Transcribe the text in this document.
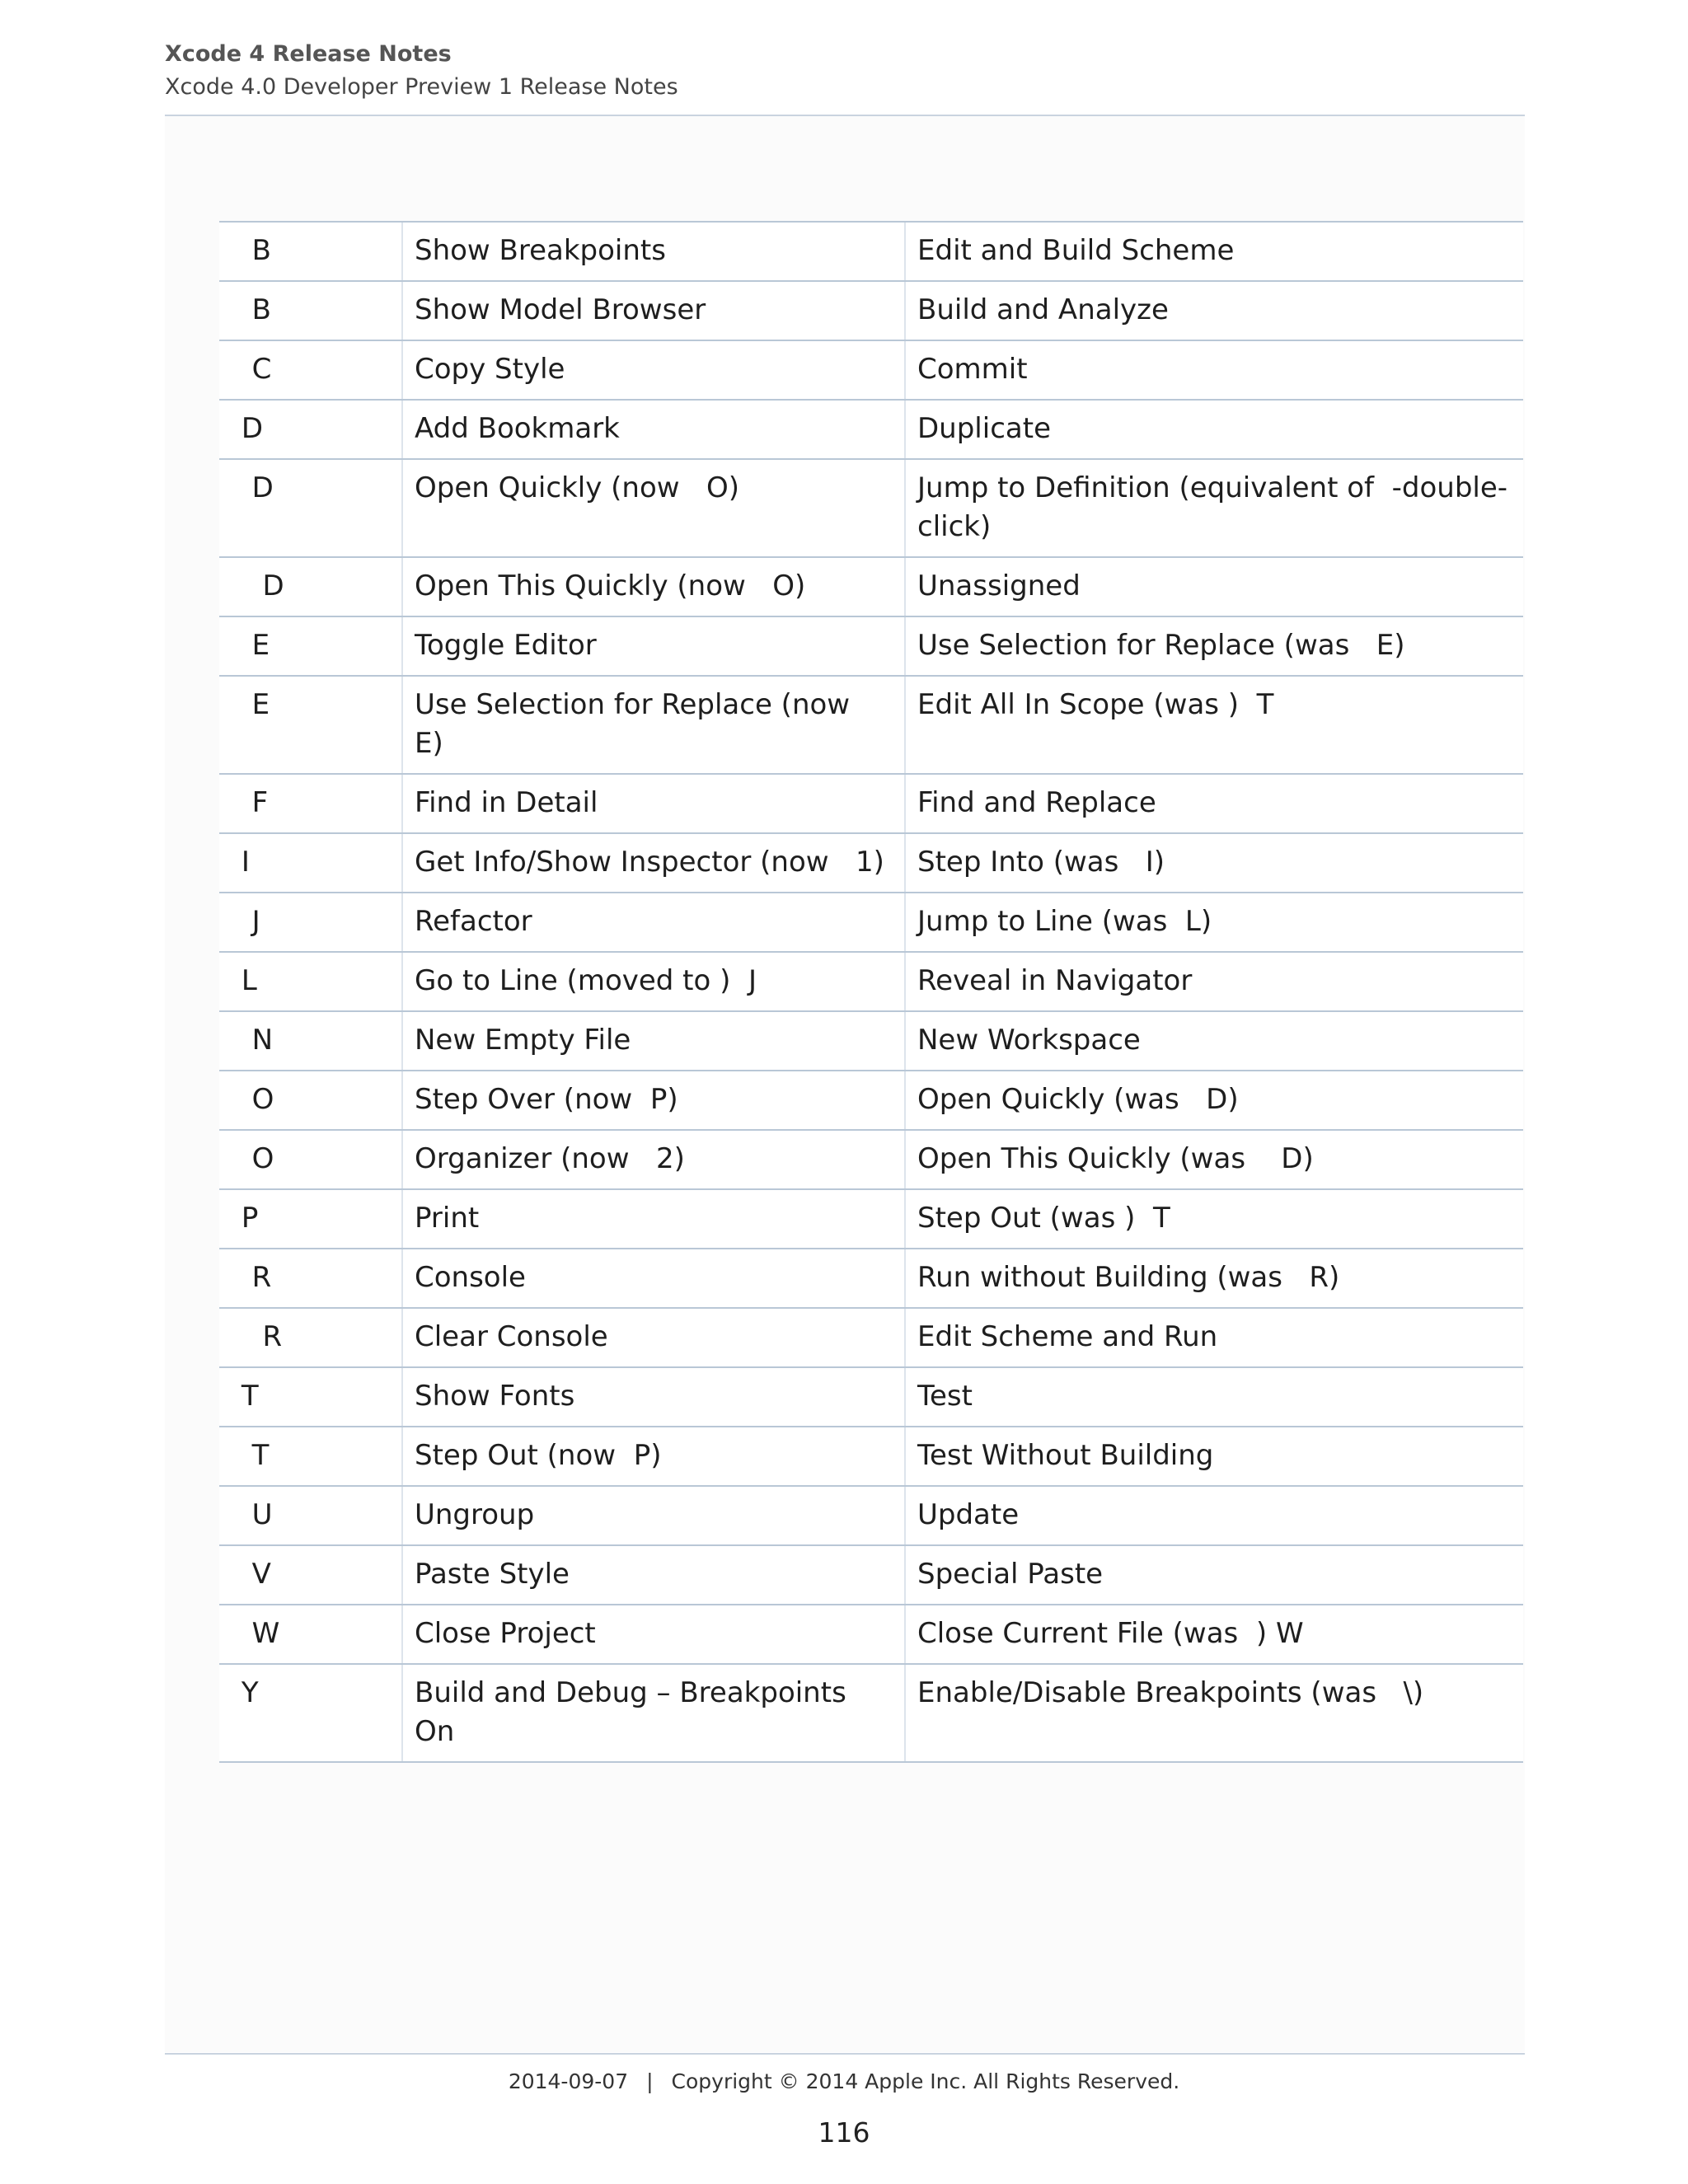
Xcode 4 Release Notes
Xcode 4.0 Developer Preview 1 Release Notes
B	Show Breakpoints	Edit and Build Scheme
B	Show Model Browser	Build and Analyze
C	Copy Style	Commit
D	Add Bookmark	Duplicate
D	Open Quickly (now   O)	Jump to Definition (equivalent of  -double-click)
D	Open This Quickly (now   O)	Unassigned
E	Toggle Editor	Use Selection for Replace (was   E)
E	Use Selection for Replace (now   E)	Edit All In Scope (was )  T
F	Find in Detail	Find and Replace
I	Get Info/Show Inspector (now   1)	Step Into (was   I)
J	Refactor	Jump to Line (was  L)
L	Go to Line (moved to )  J	Reveal in Navigator
N	New Empty File	New Workspace
O	Step Over (now  P)	Open Quickly (was   D)
O	Organizer (now   2)	Open This Quickly (was    D)
P	Print	Step Out (was )  T
R	Console	Run without Building (was   R)
R	Clear Console	Edit Scheme and Run
T	Show Fonts	Test
T	Step Out (now  P)	Test Without Building
U	Ungroup	Update
V	Paste Style	Special Paste
W	Close Project	Close Current File (was  ) W
Y	Build and Debug – Breakpoints On	Enable/Disable Breakpoints (was   \)
2014-09-07 | Copyright © 2014 Apple Inc. All Rights Reserved.
116
